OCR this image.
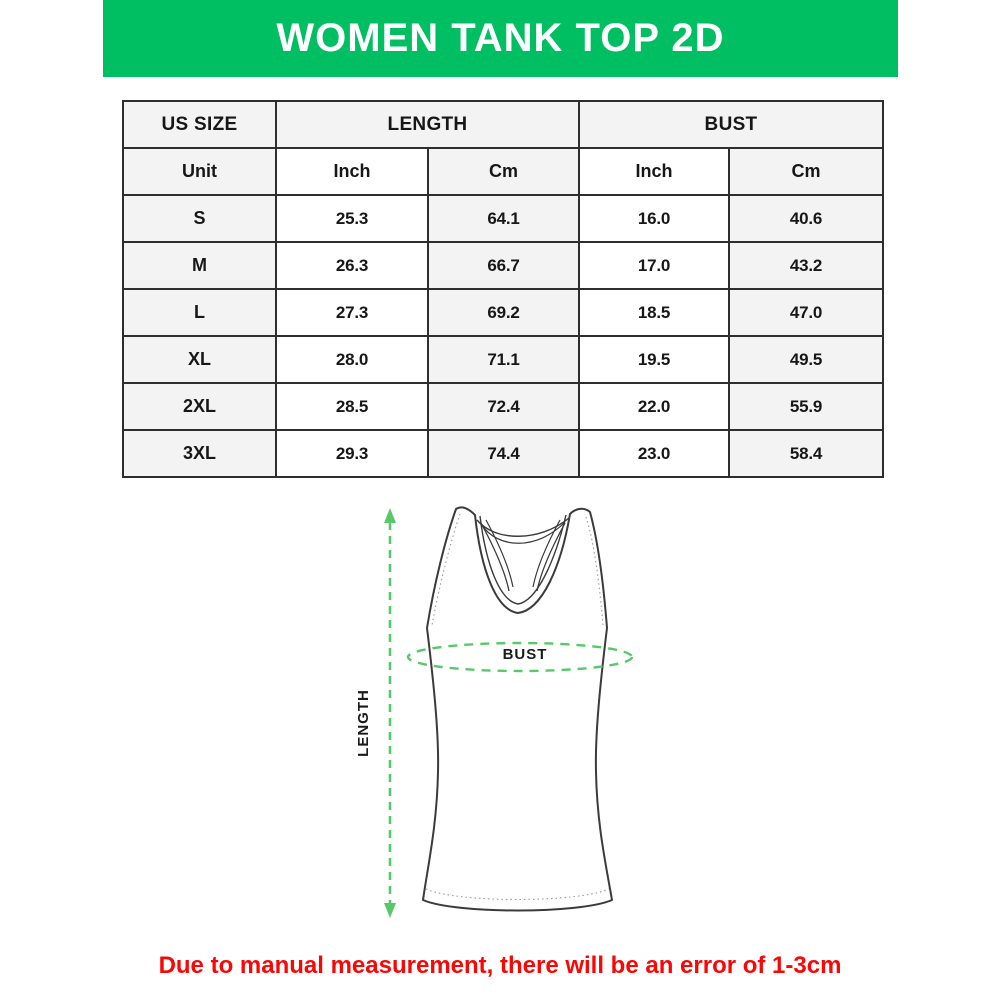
WOMEN TANK TOP 2D
US SIZE	LENGTH		BUST	
Unit	Inch	Cm	Inch	Cm
S	25.3	64.1	16.0	40.6
M	26.3	66.7	17.0	43.2
L	27.3	69.2	18.5	47.0
XL	28.0	71.1	19.5	49.5
2XL	28.5	72.4	22.0	55.9
3XL	29.3	74.4	23.0	58.4
BUST
LENGTH
Due to manual measurement, there will be an error of 1-3cm
